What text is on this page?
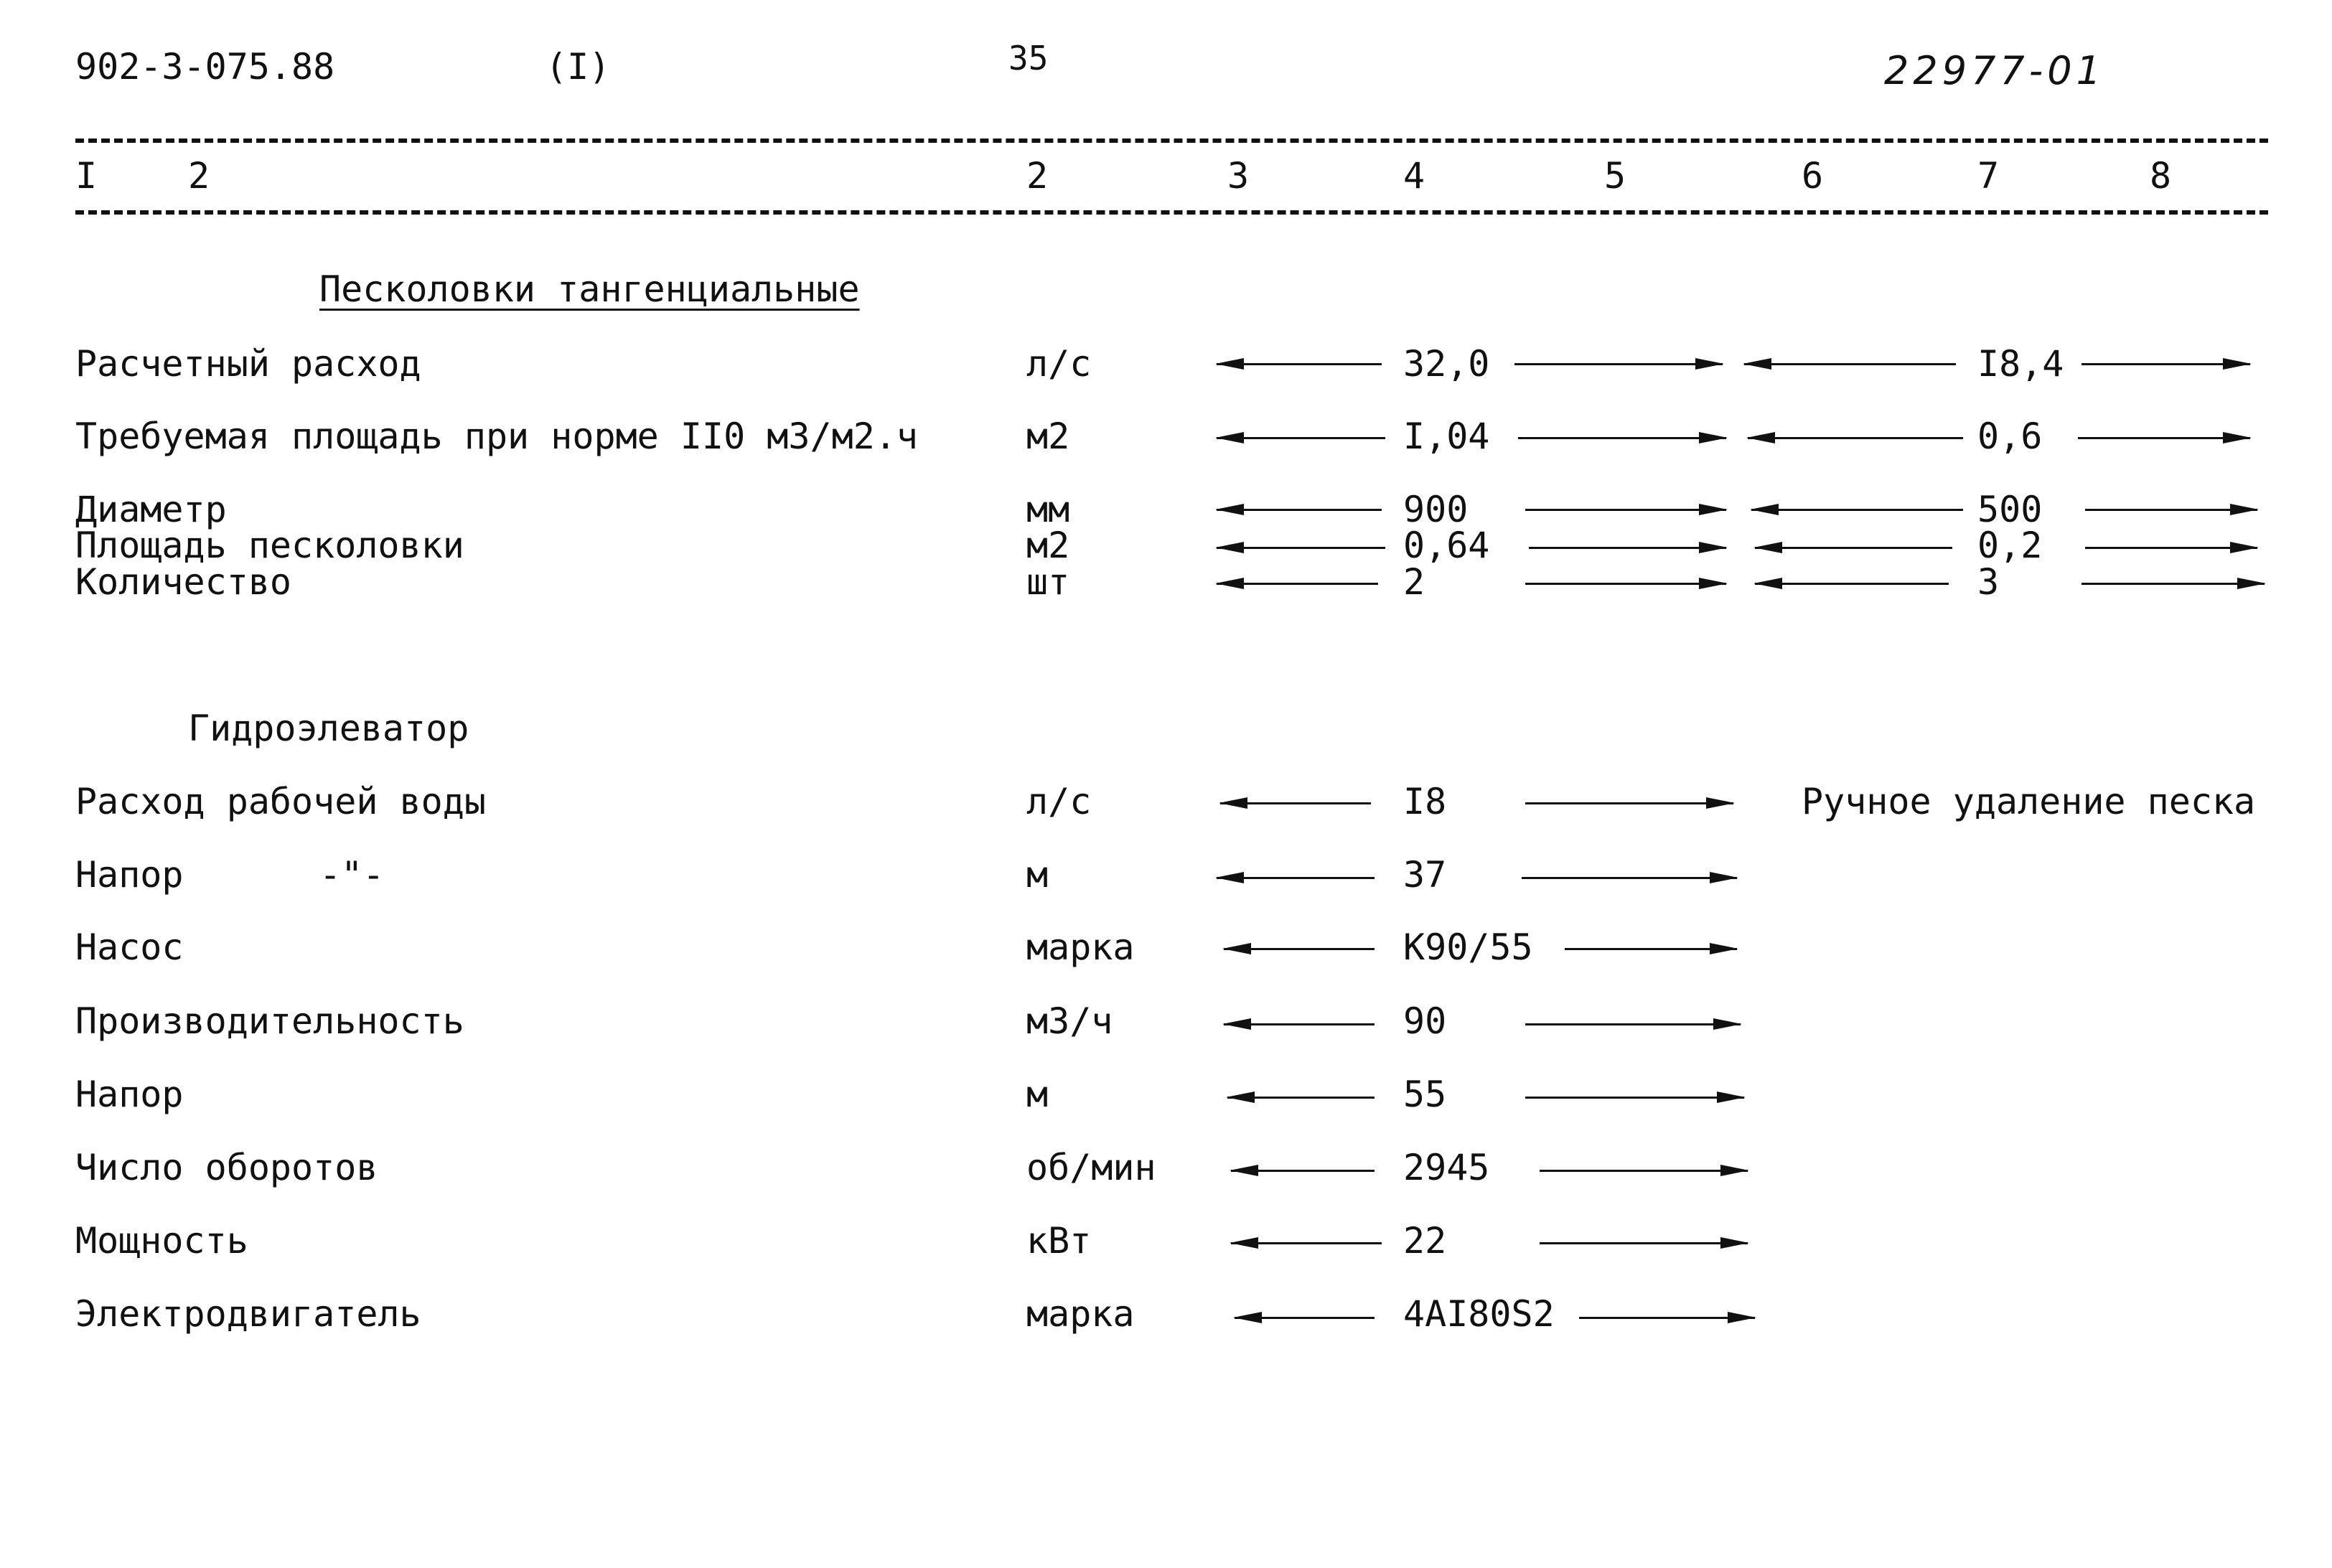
902-3-075.88	(I)	35	22977-01
I	2	2	3	4	5	6	7	8
Песколовки тангенциальные
Расчетный расход	л/с	32,0	I8,4
Требуемая площадь при норме II0 м3/м2.ч	м2	I,04	0,6
Диаметр	мм	900	500
Площадь песколовки	м2	0,64	0,2
Количество	шт	2	3
Гидроэлеватор
Расход рабочей воды	л/с	I8	Ручное удаление песка
Напор	-"-	м	37
Насос	марка	К90/55
Производительность	м3/ч	90
Напор	м	55
Число оборотов	об/мин	2945
Мощность	кВт	22
Электродвигатель	марка	4AI80S2
